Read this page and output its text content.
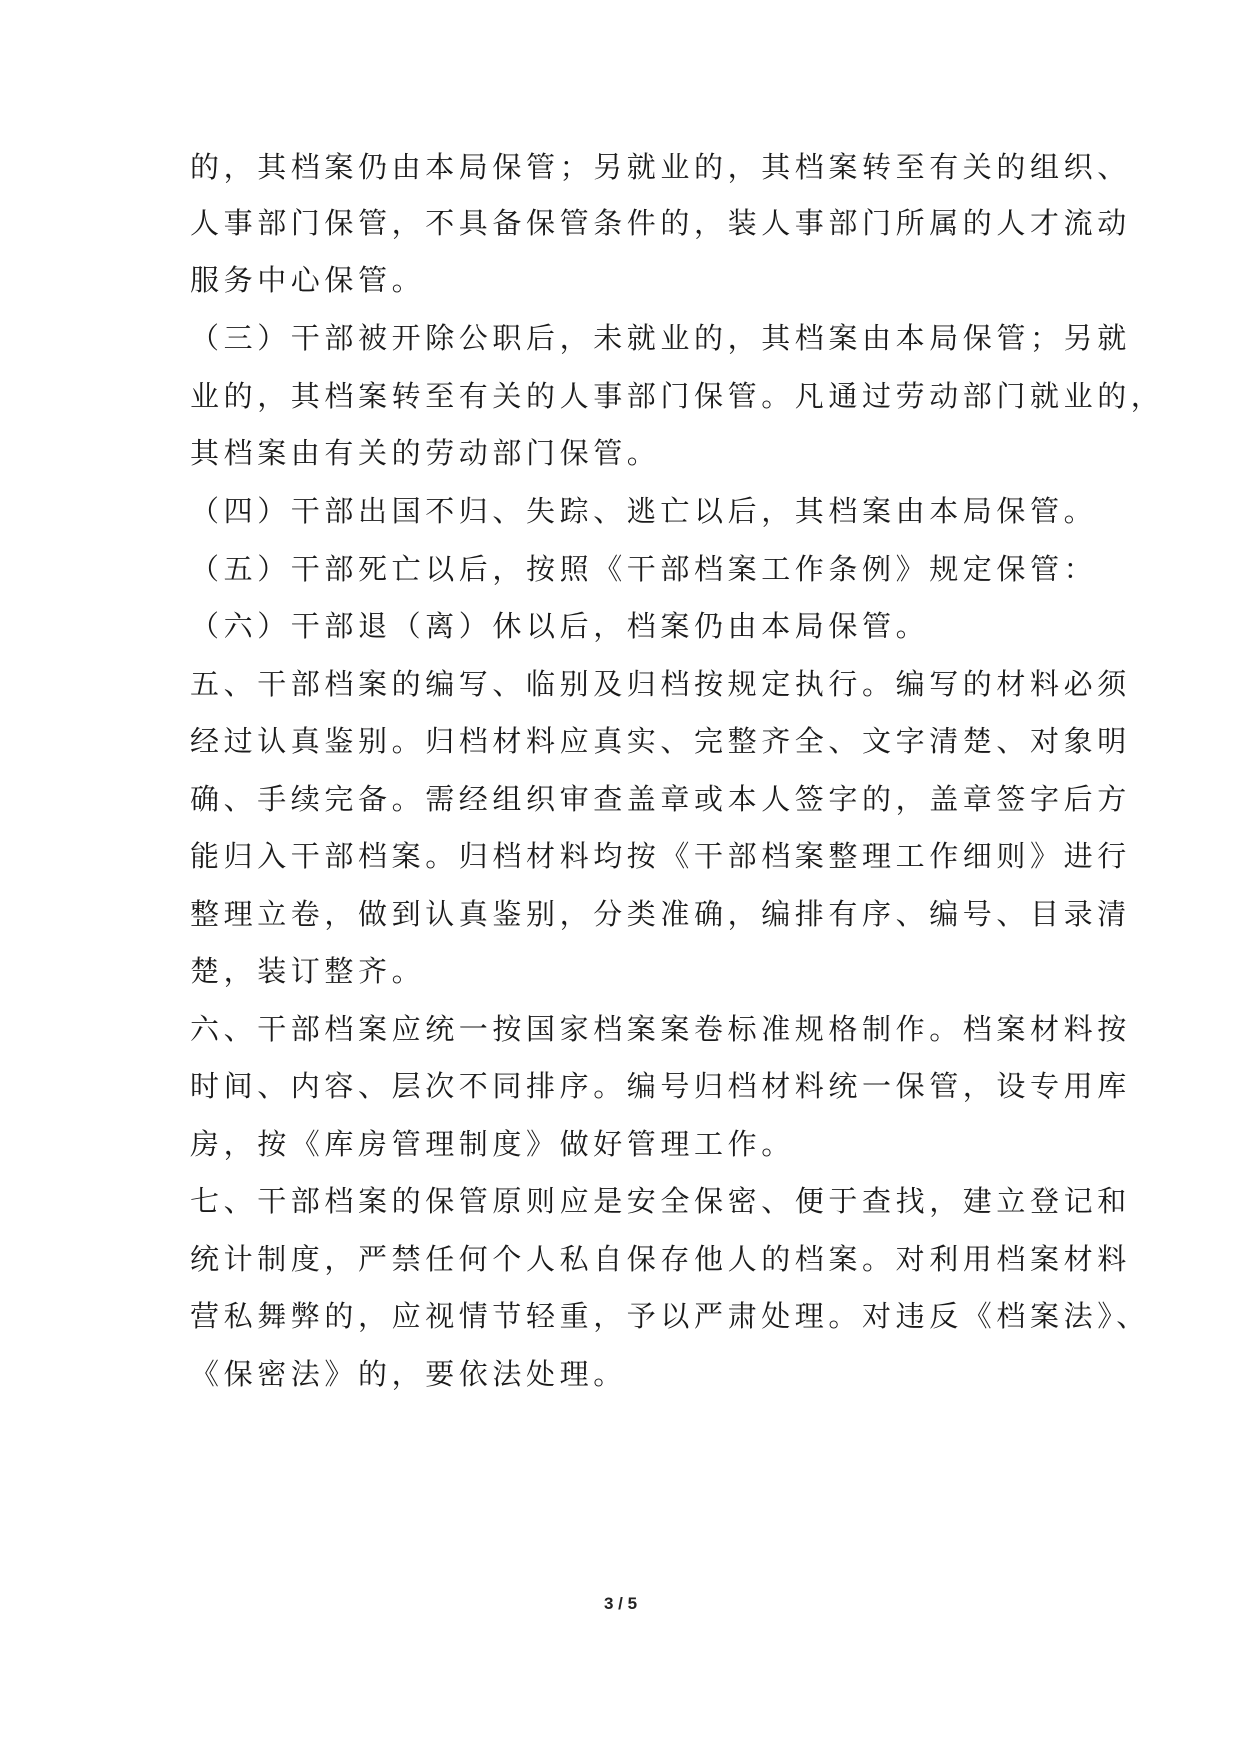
的，其档案仍由本局保管；另就业的，其档案转至有关的组织、
人事部门保管，不具备保管条件的，装人事部门所属的人才流动
服务中心保管。
（三）干部被开除公职后，未就业的，其档案由本局保管；另就
业的，其档案转至有关的人事部门保管。凡通过劳动部门就业的，
其档案由有关的劳动部门保管。
（四）干部出国不归、失踪、逃亡以后，其档案由本局保管。
（五）干部死亡以后，按照《干部档案工作条例》规定保管：
（六）干部退（离）休以后，档案仍由本局保管。
五、干部档案的编写、临别及归档按规定执行。编写的材料必须
经过认真鉴别。归档材料应真实、完整齐全、文字清楚、对象明
确、手续完备。需经组织审查盖章或本人签字的，盖章签字后方
能归入干部档案。归档材料均按《干部档案整理工作细则》进行
整理立卷，做到认真鉴别，分类准确，编排有序、编号、目录清
楚，装订整齐。
六、干部档案应统一按国家档案案卷标准规格制作。档案材料按
时间、内容、层次不同排序。编号归档材料统一保管，设专用库
房，按《库房管理制度》做好管理工作。
七、干部档案的保管原则应是安全保密、便于查找，建立登记和
统计制度，严禁任何个人私自保存他人的档案。对利用档案材料
营私舞弊的，应视情节轻重，予以严肃处理。对违反《档案法》、
《保密法》的，要依法处理。
3 / 5
